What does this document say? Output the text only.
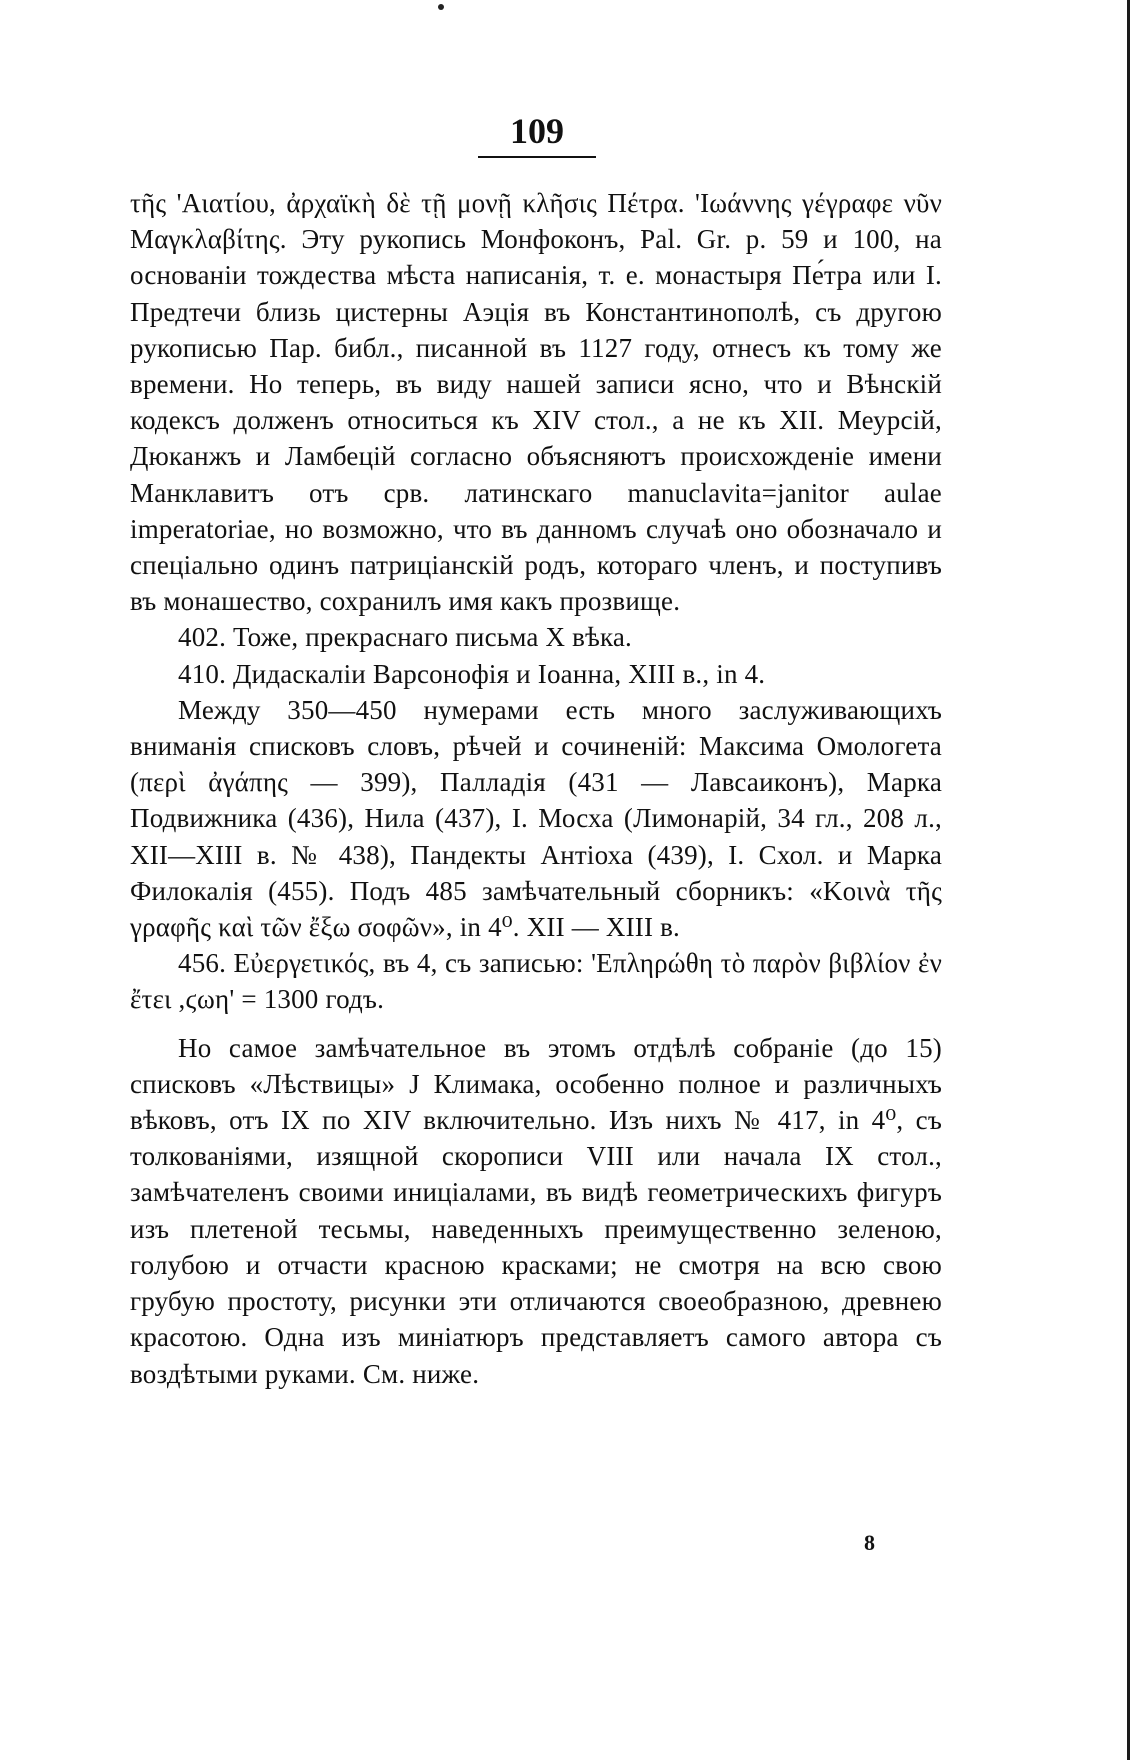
109

τῆς 'Αιατίου, ἀρχαϊκὴ δὲ τῇ μονῇ κλῆσις Πέτρα. 'Ιωάννης γέγραφε νῦν Μαγκλαβίτης. Эту рукопись Монфоконъ, Pal. Gr. p. 59 и 100, на основаніи тождества мѣста написанія, т. е. монастыря Пе́тра или І. Предтечи близь цистерны Аэція въ Константинополѣ, съ другою рукописью Пар. библ., писанной въ 1127 году, отнесъ къ тому же времени. Но теперь, въ виду нашей записи ясно, что и Вѣнскій кодексъ долженъ относиться къ XIV стол., а не къ XII. Меурсій, Дюканжъ и Ламбецій согласно объясняютъ происхожденіе имени Манклавитъ отъ срв. латинскаго manuclavita=janitor aulae imperatoriae, но возможно, что въ данномъ случаѣ оно обозначало и спеціально одинъ патриціанскій родъ, котораго членъ, и поступивъ въ монашество, сохранилъ имя какъ прозвище.

402. Тоже, прекраснаго письма X вѣка.

410. Дидаскаліи Варсонофія и Іоанна, XIII в., in 4.

Между 350—450 нумерами есть много заслуживающихъ вниманія списковъ словъ, рѣчей и сочиненій: Максима Омологета (περὶ ἀγάπης — 399), Палладія (431 — Лавсаиконъ), Марка Подвижника (436), Нила (437), І. Мосха (Лимонарій, 34 гл., 208 л., XII—XIII в. № 438), Пандекты Антіоха (439), І. Схол. и Марка Филокалія (455). Подъ 485 замѣчательный сборникъ: «Κοινὰ τῆς γραφῆς καὶ τῶν ἔξω σοφῶν», in 4⁰. XII — XIII в.

456. Εὐεργετικός, въ 4, съ записью: 'Επληρώθη τὸ παρὸν βιβλίον ἐν ἔτει ,ϛωη' = 1300 годъ.

Но самое замѣчательное въ этомъ отдѣлѣ собраніе (до 15) списковъ «Лѣствицы» J Климака, особенно полное и различныхъ вѣковъ, отъ IX по XIV включительно. Изъ нихъ № 417, in 4⁰, съ толкованіями, изящной скорописи VIII или начала IX стол., замѣчателенъ своими иниціалами, въ видѣ геометрическихъ фигуръ изъ плетеной тесьмы, наведенныхъ преимущественно зеленою, голубою и отчасти красною красками; не смотря на всю свою грубую простоту, рисунки эти отличаются своеобразною, древнею красотою. Одна изъ миніатюръ представляетъ самого автора съ воздѣтыми руками. См. ниже.

8
